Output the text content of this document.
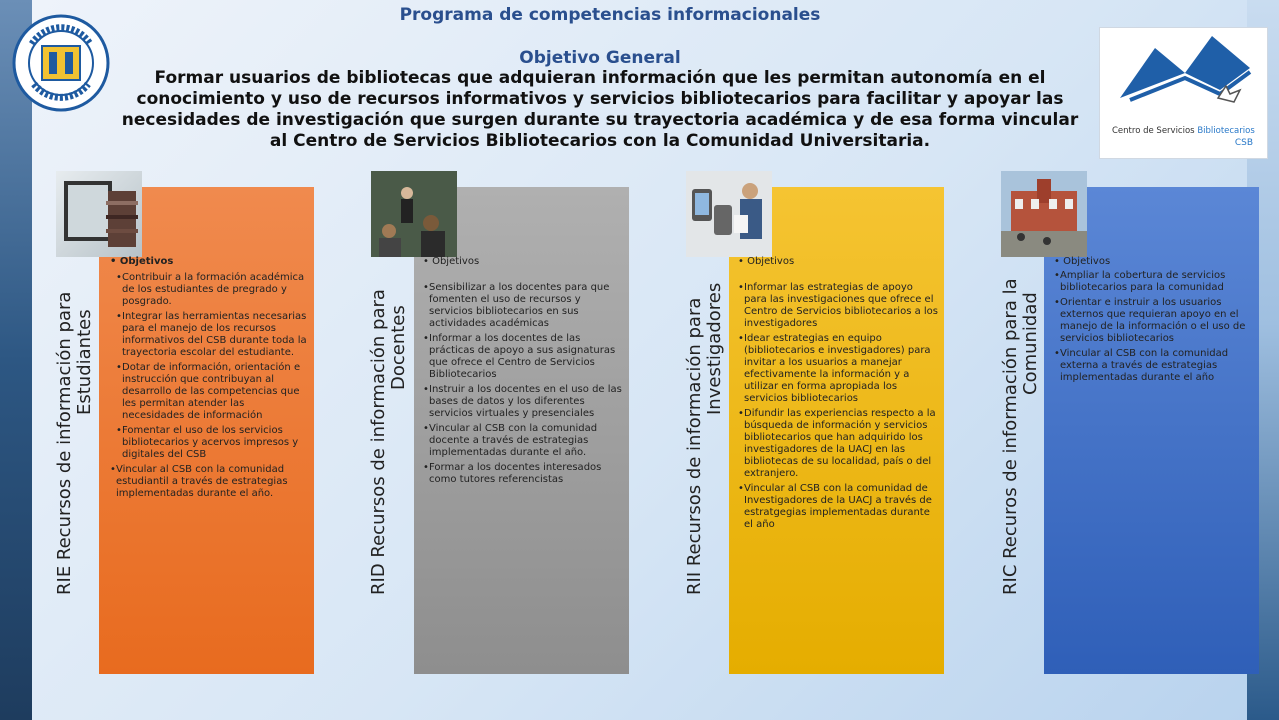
Centro de Servicios Bibliotecarios
CSB
Programa de competencias informacionales
Objetivo General
Formar usuarios de bibliotecas que adquieran información que les permitan autonomía en el conocimiento y uso de recursos informativos y servicios bibliotecarios para facilitar y apoyar las necesidades de investigación que surgen durante su trayectoria académica y de esa forma vincular al Centro de Servicios Bibliotecarios con la Comunidad Universitaria.
RIE Recursos de información para
Estudiantes
• Objetivos
• Contribuir a la formación académica de los estudiantes de pregrado y posgrado.
• Integrar las herramientas necesarias para el manejo de los recursos informativos del CSB durante toda la trayectoria escolar del estudiante.
• Dotar de información, orientación e instrucción que contribuyan al desarrollo de las competencias que les permitan atender las necesidades de información
• Fomentar el uso de los servicios bibliotecarios y acervos impresos y digitales del CSB
• Vincular al CSB con la comunidad estudiantil a través de estrategias implementadas durante el año.	RID Recursos de información para
Docentes
• Objetivos
• Sensibilizar a los docentes para que fomenten el uso de recursos y servicios bibliotecarios en sus actividades académicas
• Informar a los docentes de las prácticas de apoyo a sus asignaturas que ofrece el Centro de Servicios Bibliotecarios
• Instruir a los docentes en el uso de las bases de datos y los diferentes servicios virtuales y presenciales
• Vincular al CSB con la comunidad docente a través de estrategias implementadas durante el año.
• Formar a los docentes interesados como tutores referencistas	RII Recursos de información para
Investigadores
• Objetivos
• Informar las estrategias de apoyo para las investigaciones que ofrece el Centro de Servicios bibliotecarios a los investigadores
• Idear estrategias en equipo (bibliotecarios e investigadores) para invitar a los usuarios a manejar efectivamente la información y a utilizar en forma apropiada los servicios bibliotecarios
• Difundir las experiencias respecto a la búsqueda de información y servicios bibliotecarios que han adquirido los investigadores de la UACJ en las bibliotecas de su localidad, país o del extranjero.
• Vincular al CSB con la comunidad de Investigadores de la UACJ a través de estratgegias implementadas durante el año	RIC Recuros de información para la
Comunidad
• Objetivos
• Ampliar la cobertura de servicios bibliotecarios para la comunidad
• Orientar e instruir a los usuarios externos que requieran apoyo en el manejo de la información o el uso de servicios bibliotecarios
• Vincular al CSB con la comunidad externa a través de estrategias implementadas durante el año
